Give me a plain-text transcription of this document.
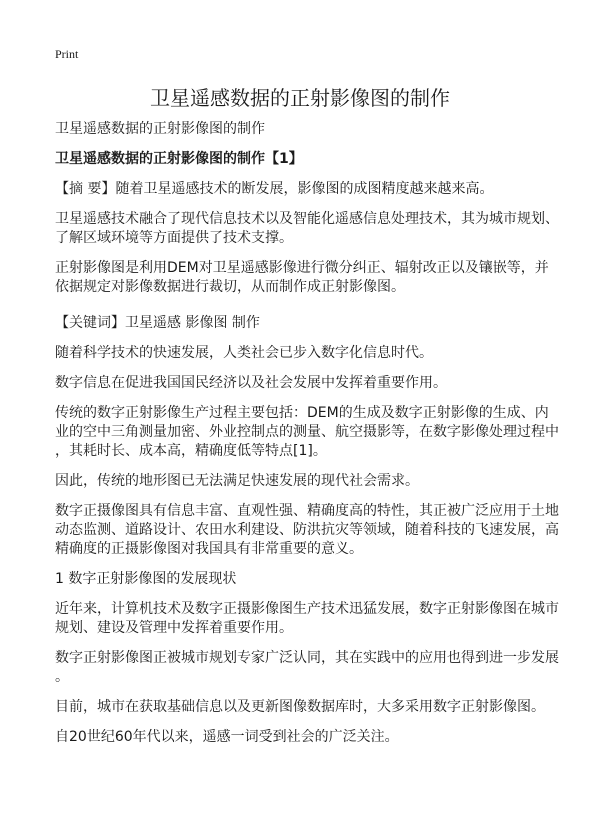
Print
卫星遥感数据的正射影像图的制作

卫星遥感数据的正射影像图的制作

卫星遥感数据的正射影像图的制作【1】

【摘 要】随着卫星遥感技术的断发展，影像图的成图精度越来越来高。

卫星遥感技术融合了现代信息技术以及智能化遥感信息处理技术，其为城市规划、
了解区域环境等方面提供了技术支撑。

正射影像图是利用DEM对卫星遥感影像进行微分纠正、辐射改正以及镶嵌等，并
依据规定对影像数据进行裁切，从而制作成正射影像图。

【关键词】卫星遥感 影像图 制作

随着科学技术的快速发展，人类社会已步入数字化信息时代。

数字信息在促进我国国民经济以及社会发展中发挥着重要作用。

传统的数字正射影像生产过程主要包括：DEM的生成及数字正射影像的生成、内
业的空中三角测量加密、外业控制点的测量、航空摄影等，在数字影像处理过程中
，其耗时长、成本高，精确度低等特点[1]。

因此，传统的地形图已无法满足快速发展的现代社会需求。

数字正摄像图具有信息丰富、直观性强、精确度高的特性，其正被广泛应用于土地
动态监测、道路设计、农田水利建设、防洪抗灾等领域，随着科技的飞速发展，高
精确度的正摄影像图对我国具有非常重要的意义。

1 数字正射影像图的发展现状

近年来，计算机技术及数字正摄影像图生产技术迅猛发展，数字正射影像图在城市
规划、建设及管理中发挥着重要作用。

数字正射影像图正被城市规划专家广泛认同，其在实践中的应用也得到进一步发展
。

目前，城市在获取基础信息以及更新图像数据库时，大多采用数字正射影像图。

自20世纪60年代以来，遥感一词受到社会的广泛关注。
